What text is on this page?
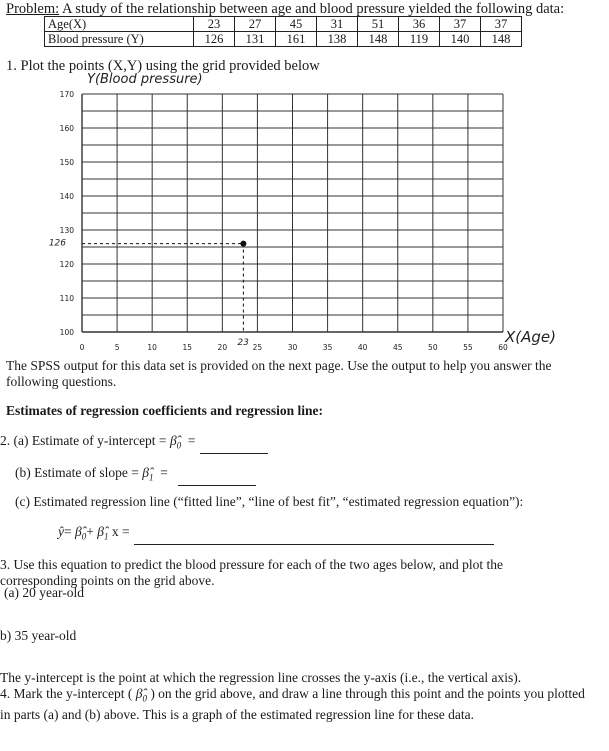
Problem: A study of the relationship between age and blood pressure yielded the following data:
Age(X)	23	27	45	31	51	36	37	37
Blood pressure (Y)	126	131	161	138	148	119	140	148
1. Plot the points (X,Y) using the grid provided below
Y(Blood pressure)
X(Age)
0	5	10	15	20	25	30	35	40	45	50	55	60
100
110
120
130
140
150
160
170
23
126
The SPSS output for this data set is provided on the next page. Use the output to help you answer the following questions.
Estimates of regression coefficients and regression line:
2. (a) Estimate of y-intercept = $\betâ_0$  =
(b) Estimate of slope = $\betâ_1$  =
(c) Estimated regression line (“fitted line”, “line of best fit”, “estimated regression equation”):
ŷ= $\betâ_0+$ $\betâ_1$ x =
3. Use this equation to predict the blood pressure for each of the two ages below, and plot the corresponding points on the grid above.
(a) 20 year-old
b) 35 year-old
The y-intercept is the point at which the regression line crosses the y-axis (i.e., the vertical axis).
4. Mark the y-intercept ( $\betâ_0$ ) on the grid above, and draw a line through this point and the points you plotted in parts (a) and (b) above. This is a graph of the estimated regression line for these data.
